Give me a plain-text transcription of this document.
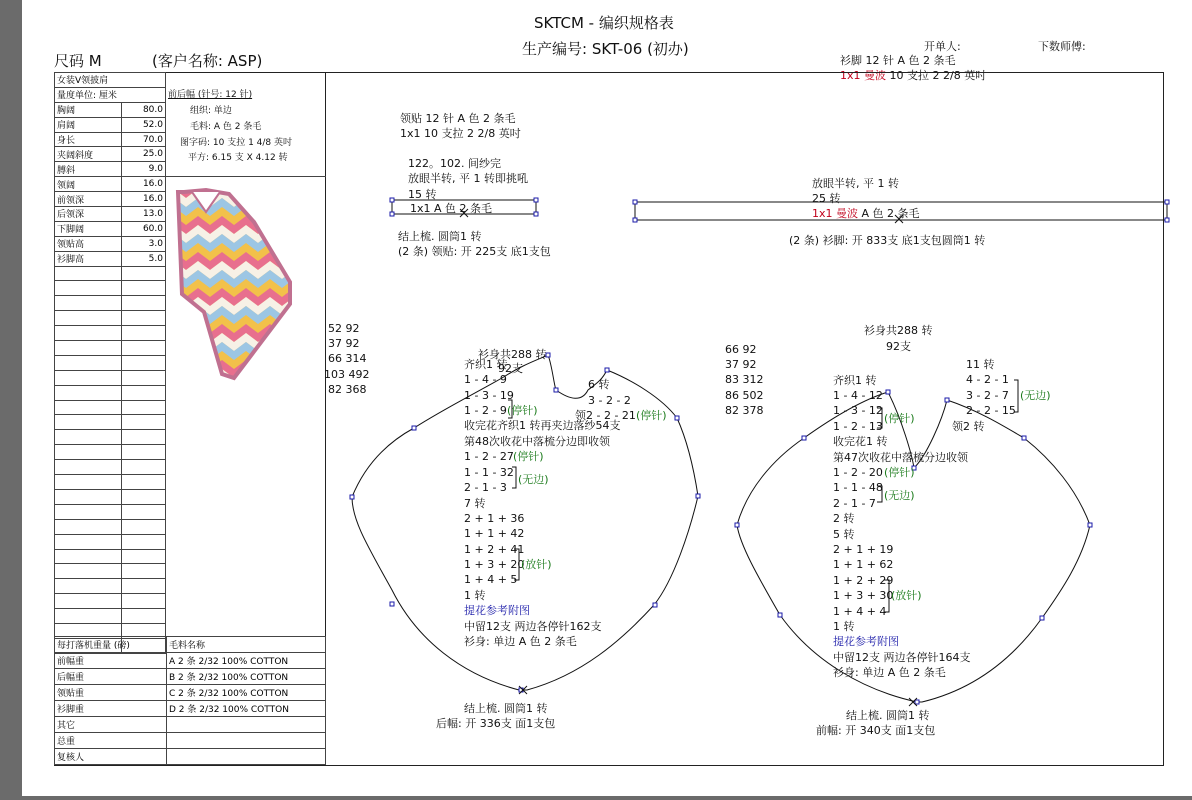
SKTCM - 编织规格表
生产编号: SKT-06 (初办)
尺码 M	(客户名称: ASP)
开单人:	下数师傅:
衫脚 12 针 A 色 2 条毛
1x1 曼波 10 支拉 2 2/8 英吋
女装V领披肩	
量度单位: 厘米	
胸阔	80.0
肩阔	52.0
身长	70.0
夹阔斜度	25.0
膊斜	9.0
领阔	16.0
前领深	16.0
后领深	13.0
下脚阔	60.0
领贴高	3.0
衫脚高	5.0

前后幅 (针号: 12 针)
组织: 单边
毛料: A 色 2 条毛
图字码: 10 支拉 1 4/8 英吋
平方: 6.15 支 X 4.12 转
每打落机重量 (磅)	毛料名称
前幅重	A 2 条 2/32 100% COTTON
后幅重	B 2 条 2/32 100% COTTON
领贴重	C 2 条 2/32 100% COTTON
衫脚重	D 2 条 2/32 100% COTTON
其它	
总重	
复核人	
领贴 12 针 A 色 2 条毛
1x1 10 支拉 2 2/8 英吋
122。102. 间纱完
放眼半转, 平 1 转即挑吼
15 转
1x1 A 色 2 条毛
结上梳. 圆筒1 转
(2 条) 领贴: 开 225支 底1支包
放眼半转, 平 1 转
25 转
1x1 曼波 A 色 2 条毛
(2 条) 衫脚: 开 833支 底1支包圆筒1 转
52 92
37 92
66 314
103 492
82 368
衫身共288 转
92支
齐织1 转
1 - 4 - 9
1 - 3 - 19
1 - 2 - 9 (停针)
收完花齐织1 转再夹边落纱54支
第48次收花中落梳分边即收领
1 - 2 - 27 (停针)
1 - 1 - 32
2 - 1 - 3
(无边)
7 转
2 + 1 + 36
1 + 1 + 42
1 + 2 + 41
1 + 3 + 20
(放针)
1 + 4 + 5
1 转
6 转
3 - 2 - 2
领2 - 2 - 21 (停针)
提花参考附图
中留12支 两边各停针162支
衫身: 单边 A 色 2 条毛
结上梳. 圆筒1 转
后幅: 开 336支 面1支包
66 92
37 92
83 312
86 502
82 378
衫身共288 转
92支
齐织1 转
1 - 4 - 12
1 - 3 - 12
1 - 2 - 13
(停针)
收完花1 转
第47次收花中落梳分边收领
1 - 2 - 20 (停针)
1 - 1 - 48
2 - 1 - 7
(无边)
2 转
5 转
2 + 1 + 19
1 + 1 + 62
1 + 2 + 29
1 + 3 + 30
(放针)
1 + 4 + 4
1 转
11 转
4 - 2 - 1
3 - 2 - 7
2 - 2 - 15
(无边)
领2 转
提花参考附图
中留12支 两边各停针164支
衫身: 单边 A 色 2 条毛
结上梳. 圆筒1 转
前幅: 开 340支 面1支包
